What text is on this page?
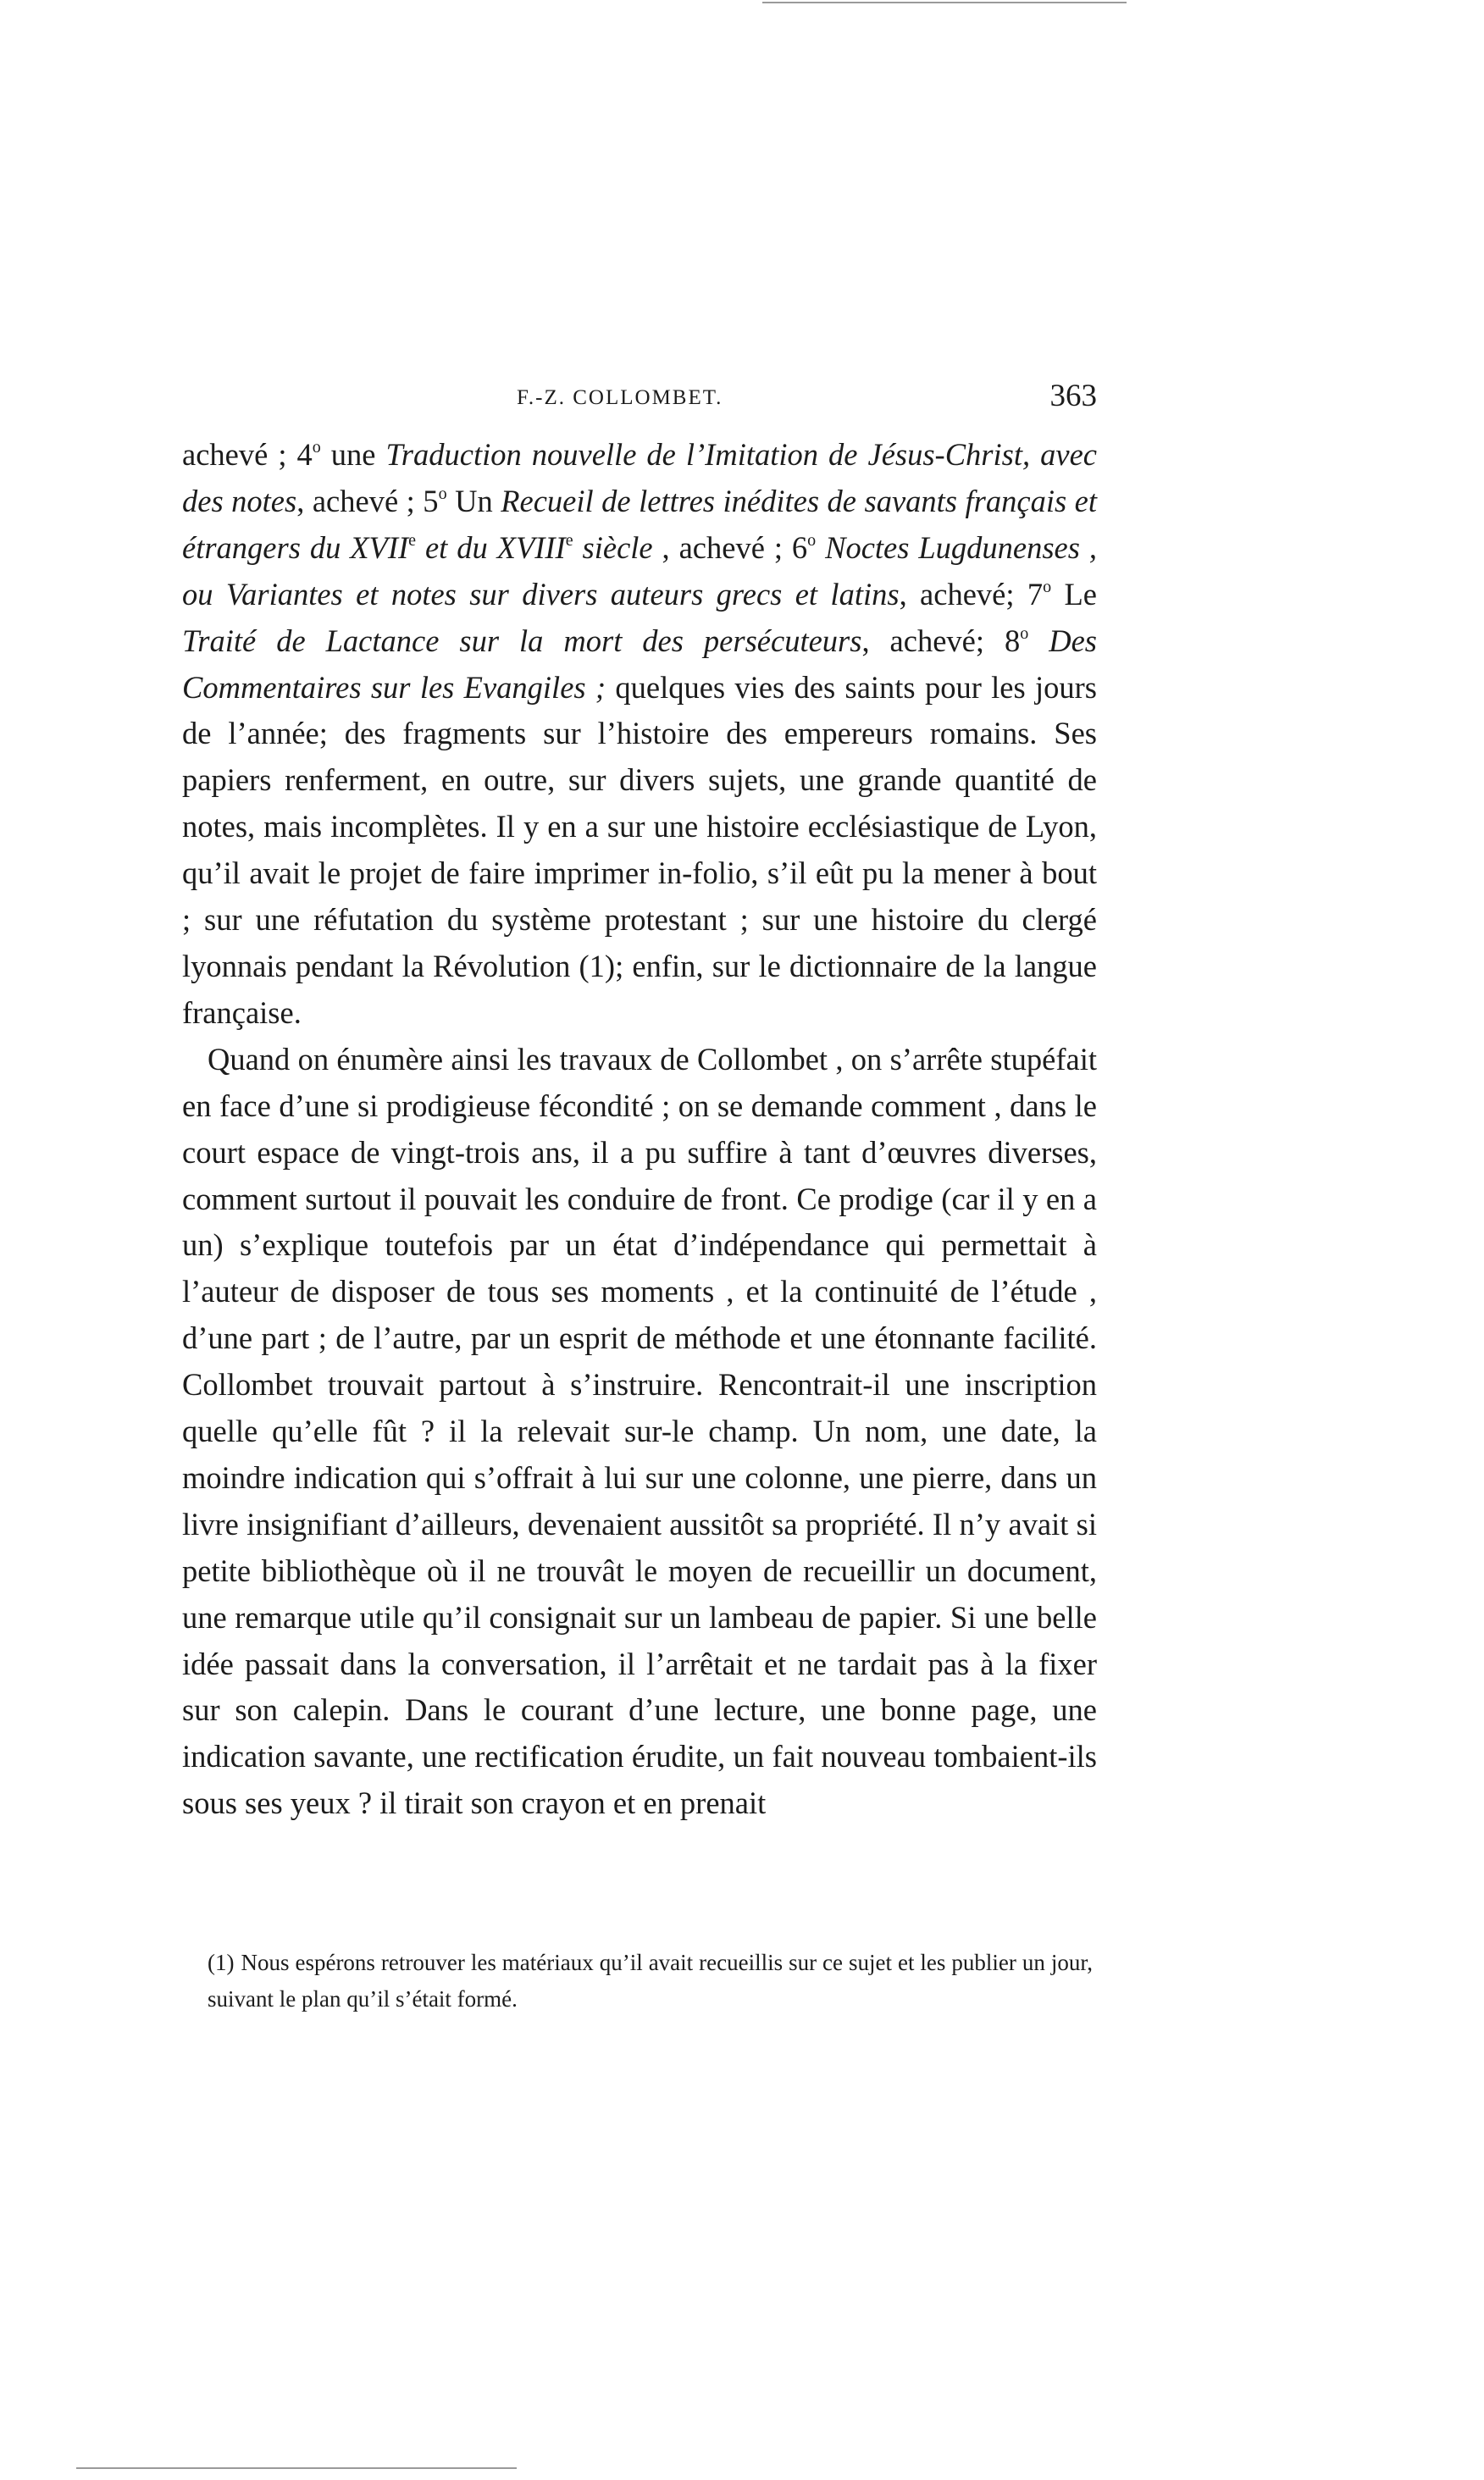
F.-Z. COLLOMBET.	363

achevé ; 4$^o$ une Traduction nouvelle de l’Imitation de Jésus-Christ, avec des notes, achevé ; 5$^o$ Un Recueil de lettres inédites de savants français et étrangers du XVIIe et du XVIIIe siècle , achevé ; 6$^o$ Noctes Lugdunenses , ou Variantes et notes sur divers auteurs grecs et latins, achevé; 7$^o$ Le Traité de Lactance sur la mort des persécuteurs, achevé; 8$^o$ Des Commentaires sur les Evangiles ; quelques vies des saints pour les jours de l’année; des fragments sur l’histoire des empereurs romains. Ses papiers renferment, en outre, sur divers sujets, une grande quantité de notes, mais incomplètes. Il y en a sur une histoire ecclésiastique de Lyon, qu’il avait le projet de faire imprimer in-folio, s’il eût pu la mener à bout ; sur une réfutation du système protestant ; sur une histoire du clergé lyonnais pendant la Révolution (1); enfin, sur le dictionnaire de la langue française.

Quand on énumère ainsi les travaux de Collombet , on s’arrête stupéfait en face d’une si prodigieuse fécondité ; on se demande comment , dans le court espace de vingt-trois ans, il a pu suffire à tant d’œuvres diverses, comment surtout il pouvait les conduire de front. Ce prodige (car il y en a un) s’explique toutefois par un état d’indépendance qui permettait à l’auteur de disposer de tous ses moments , et la continuité de l’étude , d’une part ; de l’autre, par un esprit de méthode et une étonnante facilité. Collombet trouvait partout à s’instruire. Rencontrait-il une inscription quelle qu’elle fût ? il la relevait sur-le champ. Un nom, une date, la moindre indication qui s’offrait à lui sur une colonne, une pierre, dans un livre insignifiant d’ailleurs, devenaient aussitôt sa propriété. Il n’y avait si petite bibliothèque où il ne trouvât le moyen de recueillir un document, une remarque utile qu’il consignait sur un lambeau de papier. Si une belle idée passait dans la conversation, il l’arrêtait et ne tardait pas à la fixer sur son calepin. Dans le courant d’une lecture, une bonne page, une indication savante, une rectification érudite, un fait nouveau tombaient-ils sous ses yeux ? il tirait son crayon et en prenait

(1) Nous espérons retrouver les matériaux qu’il avait recueillis sur ce sujet et les publier un jour, suivant le plan qu’il s’était formé.
